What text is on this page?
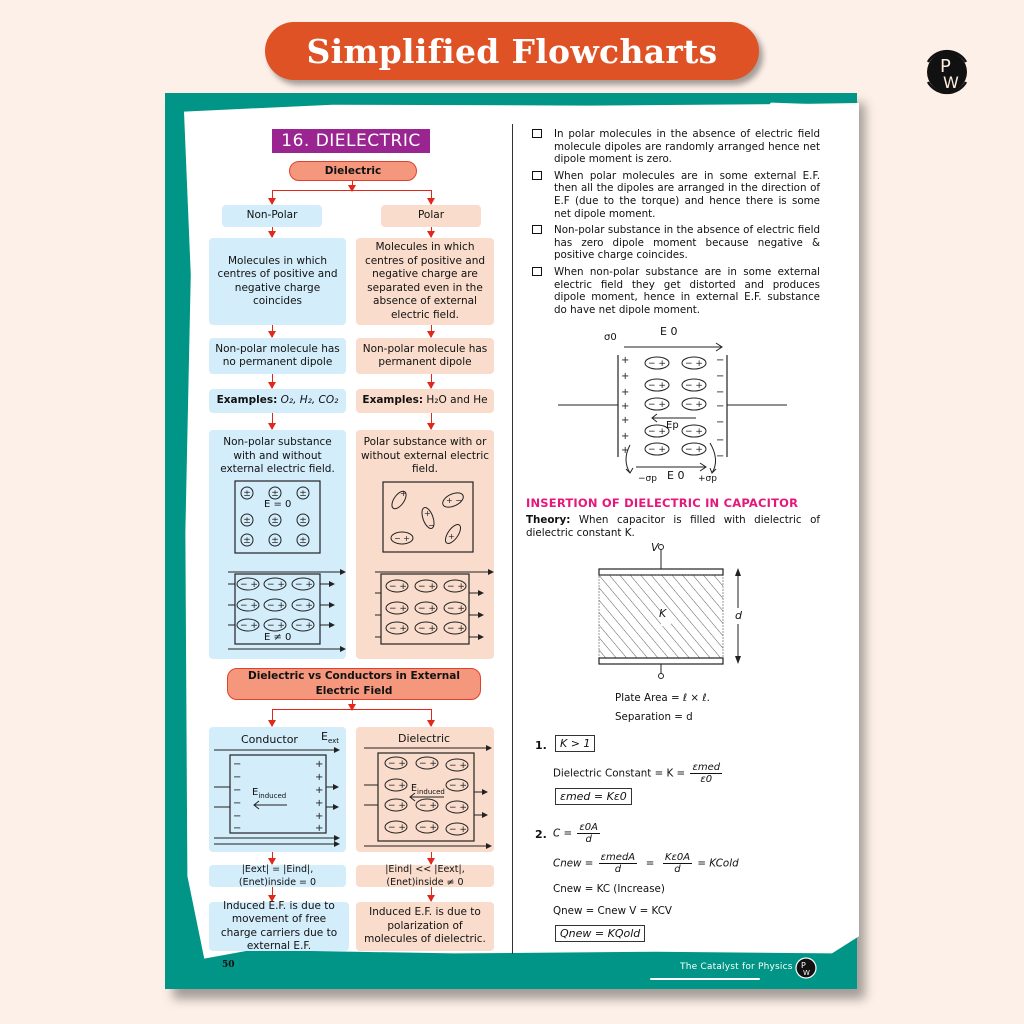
Simplified Flowcharts	P
W
50	The Catalyst for Physics P
W
16. DIELECTRIC
Dielectric
Non-Polar	Polar
Molecules in which centres of positive and negative charge coincides
Molecules in which centres of positive and negative charge are separated even in the absence of external electric field.
Non-polar molecule has no permanent dipole
Non-polar molecule has permanent dipole
Examples:
O₂, H₂, CO₂ Examples:
H₂O and He
Non-polar substance with and without external electric field.
Polar substance with or without external electric field.
± ± ±
± ± ±
± ± ±
− + − + − +
− + − + − +
− + − + − +
E = 0
E ≠ 0
− +
+
−
+ −
+
+
− + − + − +
− + − + − +
− + − + − +
Dielectric vs Conductors in External Electric Field
Conductor $E_{ext}$
−
−
−
−
−
−
+
+
+
+
+
+
$E_{induced}$
Dielectric
− + − + − +
− +	− +
− + − + − +
− + − + − +
$E_{induced}$
|Eext| = |Eind|, (Enet)inside = 0
|Eind| << |Eext|, (Enet)inside ≠ 0
Induced E.F. is due to movement of free charge carriers due to external E.F.
Induced E.F. is due to polarization of molecules of dielectric.
In polar molecules in the absence of electric field molecule dipoles are randomly arranged hence net dipole moment is zero.
When polar molecules are in some external E.F. then all the dipoles are arranged in the direction of E.F (due to the torque) and hence there is some net dipole moment.
Non-polar substance in the absence of electric field has zero dipole moment because negative & positive charge coincides.
When non-polar substance are in some external electric field they get distorted and produces dipole moment, hence in external E.F. substance do have net dipole moment.
+
+
+
+
+
+
+
−
−
−
−
−
−
−
− + − +
− + − +
− + − +
− + − +
− + − +
σ0	E 0
Ep
E 0
−σp	+σp
INSERTION OF DIELECTRIC IN CAPACITOR
Theory: When capacitor is filled with dielectric of dielectric constant K.
V
K	d
Plate Area = ℓ × ℓ.
Separation = d
1.	K > 1
Dielectric Constant = $K = \frac{\text{εmed}}{\varepsilon 0}$
εmed = Kε0
2. $C = \frac{\varepsilon 0A}{d}$
Cnew = $\frac{\text{εmedA}}{d} = \frac{K\varepsilon 0A}{d}$ = KCold
Cnew = KC (Increase)
Qnew = Cnew V = KCV
Qnew = KQold
